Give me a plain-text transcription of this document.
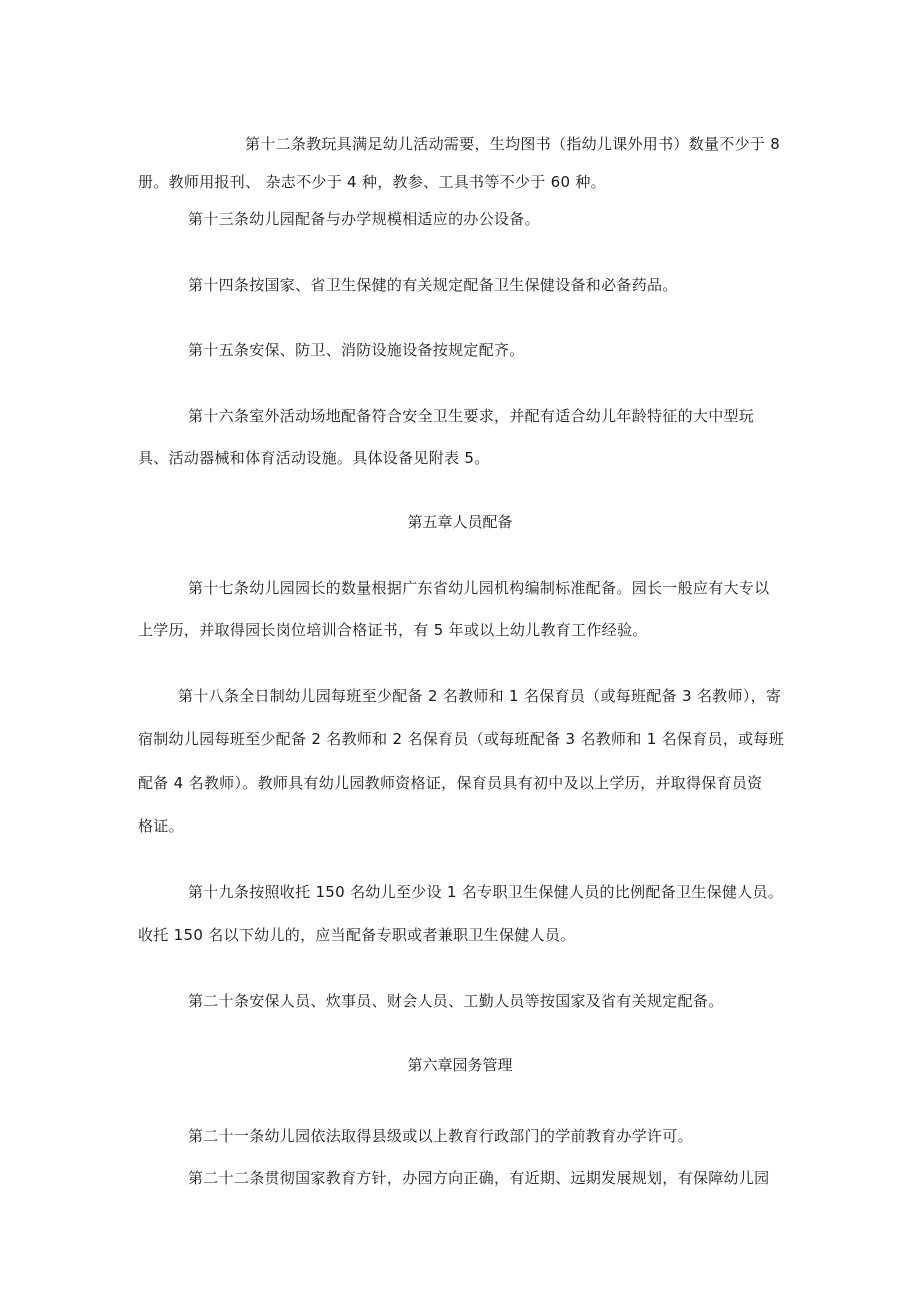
第十二条教玩具满足幼儿活动需要，生均图书（指幼儿课外用书）数量不少于 8
册。教师用报刊、 杂志不少于 4 种，教参、工具书等不少于 60 种。
第十三条幼儿园配备与办学规模相适应的办公设备。
第十四条按国家、省卫生保健的有关规定配备卫生保健设备和必备药品。
第十五条安保、防卫、消防设施设备按规定配齐。
第十六条室外活动场地配备符合安全卫生要求，并配有适合幼儿年龄特征的大中型玩
具、活动器械和体育活动设施。具体设备见附表 5。
第五章人员配备
第十七条幼儿园园长的数量根据广东省幼儿园机构编制标准配备。园长一般应有大专以
上学历，并取得园长岗位培训合格证书，有 5 年或以上幼儿教育工作经验。
第十八条全日制幼儿园每班至少配备 2 名教师和 1 名保育员（或每班配备 3 名教师），寄
宿制幼儿园每班至少配备 2 名教师和 2 名保育员（或每班配备 3 名教师和 1 名保育员，或每班
配备 4 名教师）。教师具有幼儿园教师资格证，保育员具有初中及以上学历，并取得保育员资
格证。
第十九条按照收托 150 名幼儿至少设 1 名专职卫生保健人员的比例配备卫生保健人员。
收托 150 名以下幼儿的，应当配备专职或者兼职卫生保健人员。
第二十条安保人员、炊事员、财会人员、工勤人员等按国家及省有关规定配备。
第六章园务管理
第二十一条幼儿园依法取得县级或以上教育行政部门的学前教育办学许可。
第二十二条贯彻国家教育方针，办园方向正确，有近期、远期发展规划，有保障幼儿园
